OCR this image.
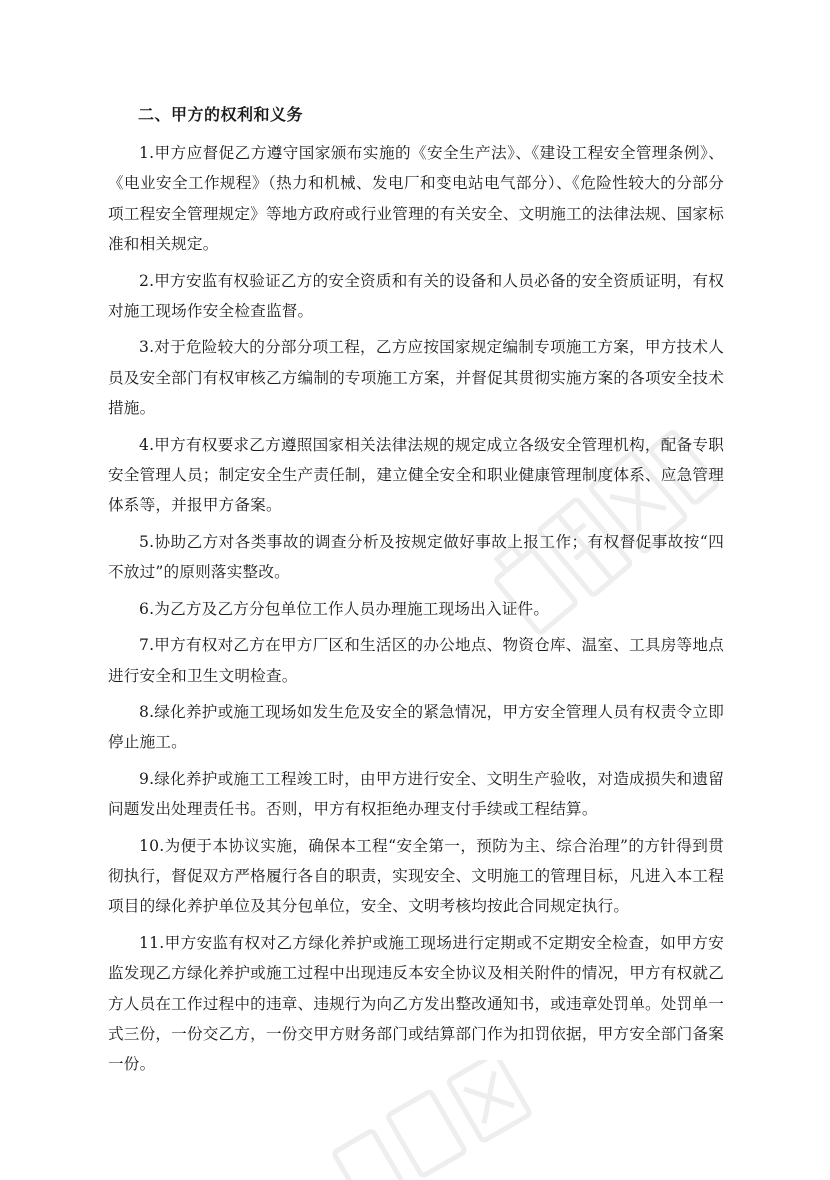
二、甲方的权利和义务

1.甲方应督促乙方遵守国家颁布实施的《安全生产法》、《建设工程安全管理条例》、《电业安全工作规程》（热力和机械、发电厂和变电站电气部分）、《危险性较大的分部分项工程安全管理规定》等地方政府或行业管理的有关安全、文明施工的法律法规、国家标准和相关规定。

2.甲方安监有权验证乙方的安全资质和有关的设备和人员必备的安全资质证明，有权对施工现场作安全检查监督。

3.对于危险较大的分部分项工程，乙方应按国家规定编制专项施工方案，甲方技术人员及安全部门有权审核乙方编制的专项施工方案，并督促其贯彻实施方案的各项安全技术措施。

4.甲方有权要求乙方遵照国家相关法律法规的规定成立各级安全管理机构，配备专职安全管理人员；制定安全生产责任制，建立健全安全和职业健康管理制度体系、应急管理体系等，并报甲方备案。

5.协助乙方对各类事故的调查分析及按规定做好事故上报工作；有权督促事故按“四不放过”的原则落实整改。

6.为乙方及乙方分包单位工作人员办理施工现场出入证件。

7.甲方有权对乙方在甲方厂区和生活区的办公地点、物资仓库、温室、工具房等地点进行安全和卫生文明检查。

8.绿化养护或施工现场如发生危及安全的紧急情况，甲方安全管理人员有权责令立即停止施工。

9.绿化养护或施工工程竣工时，由甲方进行安全、文明生产验收，对造成损失和遗留问题发出处理责任书。否则，甲方有权拒绝办理支付手续或工程结算。

10.为便于本协议实施，确保本工程“安全第一，预防为主、综合治理”的方针得到贯彻执行，督促双方严格履行各自的职责，实现安全、文明施工的管理目标，凡进入本工程项目的绿化养护单位及其分包单位，安全、文明考核均按此合同规定执行。

11.甲方安监有权对乙方绿化养护或施工现场进行定期或不定期安全检查，如甲方安监发现乙方绿化养护或施工过程中出现违反本安全协议及相关附件的情况，甲方有权就乙方人员在工作过程中的违章、违规行为向乙方发出整改通知书，或违章处罚单。处罚单一式三份，一份交乙方，一份交甲方财务部门或结算部门作为扣罚依据，甲方安全部门备案一份。
